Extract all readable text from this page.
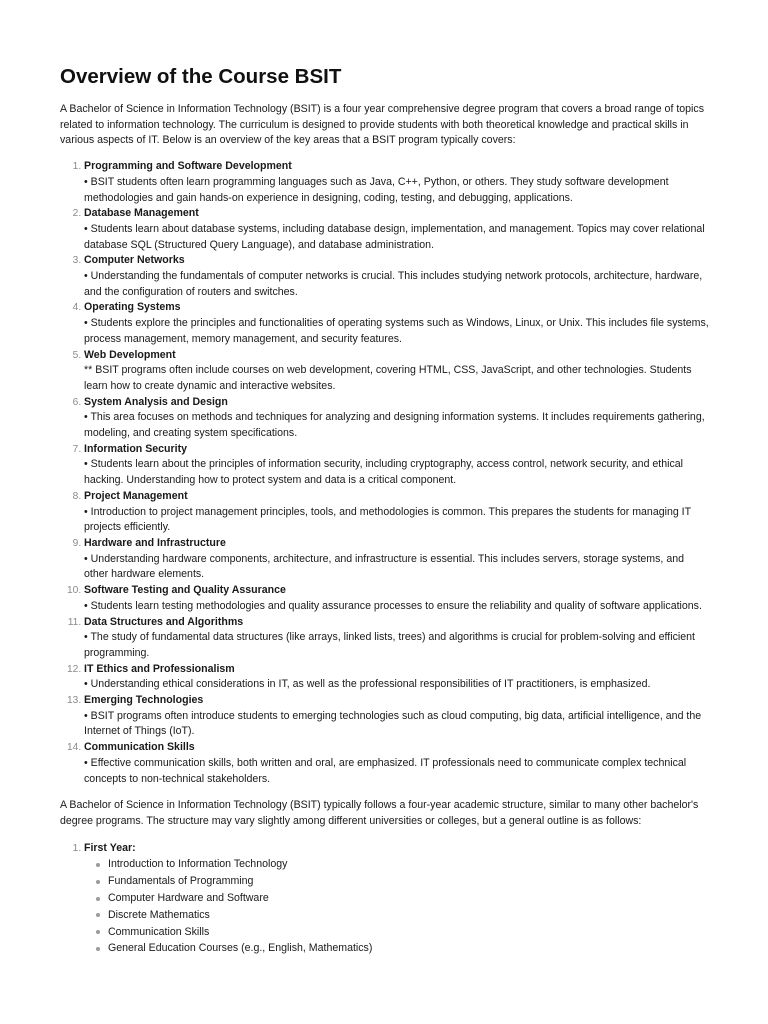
Overview of the Course BSIT

A Bachelor of Science in Information Technology (BSIT) is a four year comprehensive degree program that covers a broad range of topics related to information technology. The curriculum is designed to provide students with both theoretical knowledge and practical skills in various aspects of IT. Below is an overview of the key areas that a BSIT program typically covers:

1. Programming and Software Development
• BSIT students often learn programming languages such as Java, C++, Python, or others. They study software development methodologies and gain hands-on experience in designing, coding, testing, and debugging, applications.
2. Database Management
• Students learn about database systems, including database design, implementation, and management. Topics may cover relational database SQL (Structured Query Language), and database administration.
3. Computer Networks
• Understanding the fundamentals of computer networks is crucial. This includes studying network protocols, architecture, hardware, and the configuration of routers and switches.
4. Operating Systems
• Students explore the principles and functionalities of operating systems such as Windows, Linux, or Unix. This includes file systems, process management, memory management, and security features.
5. Web Development
** BSIT programs often include courses on web development, covering HTML, CSS, JavaScript, and other technologies. Students learn how to create dynamic and interactive websites.
6. System Analysis and Design
• This area focuses on methods and techniques for analyzing and designing information systems. It includes requirements gathering, modeling, and creating system specifications.
7. Information Security
• Students learn about the principles of information security, including cryptography, access control, network security, and ethical hacking. Understanding how to protect system and data is a critical component.
8. Project Management
• Introduction to project management principles, tools, and methodologies is common. This prepares the students for managing IT projects efficiently.
9. Hardware and Infrastructure
• Understanding hardware components, architecture, and infrastructure is essential. This includes servers, storage systems, and other hardware elements.
10. Software Testing and Quality Assurance
• Students learn testing methodologies and quality assurance processes to ensure the reliability and quality of software applications.
11. Data Structures and Algorithms
• The study of fundamental data structures (like arrays, linked lists, trees) and algorithms is crucial for problem-solving and efficient programming.
12. IT Ethics and Professionalism
• Understanding ethical considerations in IT, as well as the professional responsibilities of IT practitioners, is emphasized.
13. Emerging Technologies
• BSIT programs often introduce students to emerging technologies such as cloud computing, big data, artificial intelligence, and the Internet of Things (IoT).
14. Communication Skills
• Effective communication skills, both written and oral, are emphasized. IT professionals need to communicate complex technical concepts to non-technical stakeholders.

A Bachelor of Science in Information Technology (BSIT) typically follows a four-year academic structure, similar to many other bachelor's degree programs. The structure may vary slightly among different universities or colleges, but a general outline is as follows:

1. First Year:
Introduction to Information Technology
Fundamentals of Programming
Computer Hardware and Software
Discrete Mathematics
Communication Skills
General Education Courses (e.g., English, Mathematics)
